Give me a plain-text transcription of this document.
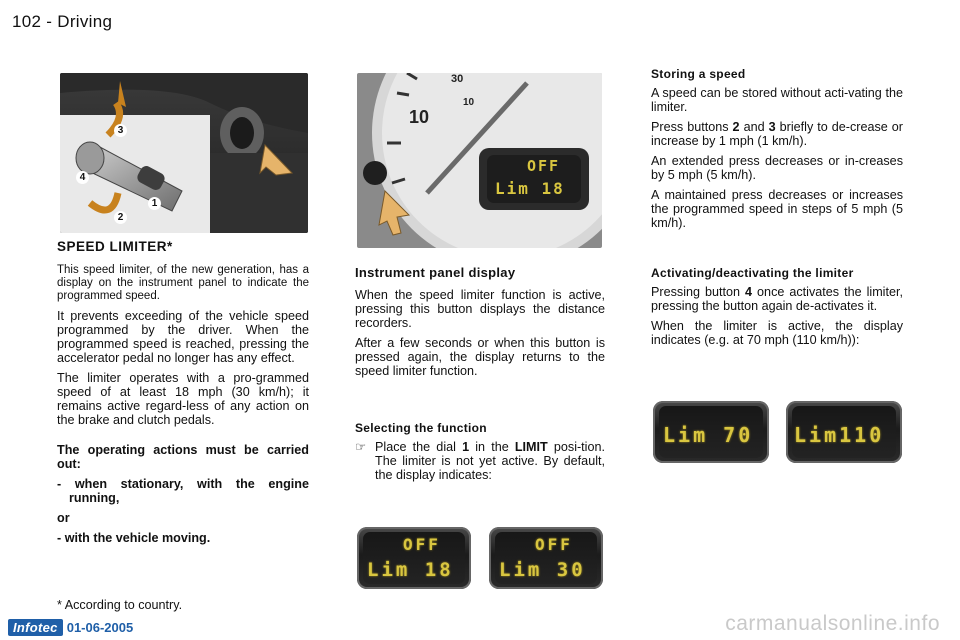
102 - Driving
3
4
2
1
10
30
10
OFF
Lim 18
SPEED LIMITER*

This speed limiter, of the new generation, has a display on the instrument panel to indicate the programmed speed.

It prevents exceeding of the vehicle speed programmed by the driver. When the programmed speed is reached, pressing the accelerator pedal no longer has any effect.

The limiter operates with a pro-grammed speed of at least 18 mph (30 km/h); it remains active regard-less of any action on the brake and clutch pedals.

The operating actions must be carried out:

- when stationary, with the engine running,

or

- with the vehicle moving.

* According to country.
Instrument panel display

When the speed limiter function is active, pressing this button displays the distance recorders.

After a few seconds or when this button is pressed again, the display returns to the speed limiter function.

Selecting the function
☞ Place the dial 1 in the LIMIT posi-tion. The limiter is not yet active. By default, the display indicates:

OFF
Lim 18
OFF
Lim 30
Storing a speed

A speed can be stored without acti-vating the limiter.

Press buttons 2 and 3 briefly to de-crease or increase by 1 mph (1 km/h).

An extended press decreases or in-creases by 5 mph (5 km/h).

A maintained press decreases or increases the programmed speed in steps of 5 mph (5 km/h).

Activating/deactivating the limiter

Pressing button 4 once activates the limiter, pressing the button again de-activates it.

When the limiter is active, the display indicates (e.g. at 70 mph (110 km/h)):

Lim 70 Lim110
Infotec 01-06-2005	carmanualsonline.info
